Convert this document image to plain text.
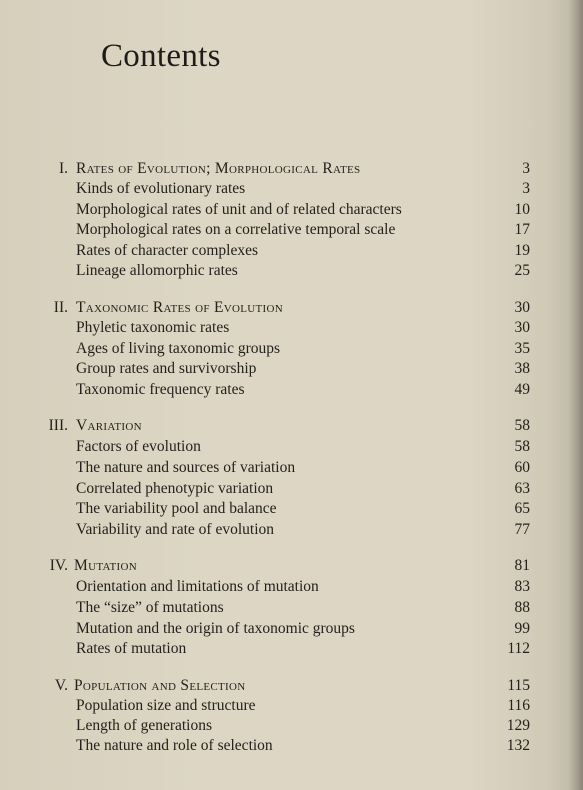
Contents
I. Rates of Evolution; Morphological Rates	3
Kinds of evolutionary rates	3
Morphological rates of unit and of related characters	10
Morphological rates on a correlative temporal scale	17
Rates of character complexes	19
Lineage allomorphic rates	25
II. Taxonomic Rates of Evolution	30
Phyletic taxonomic rates	30
Ages of living taxonomic groups	35
Group rates and survivorship	38
Taxonomic frequency rates	49
III. Variation	58
Factors of evolution	58
The nature and sources of variation	60
Correlated phenotypic variation	63
The variability pool and balance	65
Variability and rate of evolution	77
IV. Mutation	81
Orientation and limitations of mutation	83
The “size” of mutations	88
Mutation and the origin of taxonomic groups	99
Rates of mutation	112
V. Population and Selection	115
Population size and structure	116
Length of generations	129
The nature and role of selection	132
